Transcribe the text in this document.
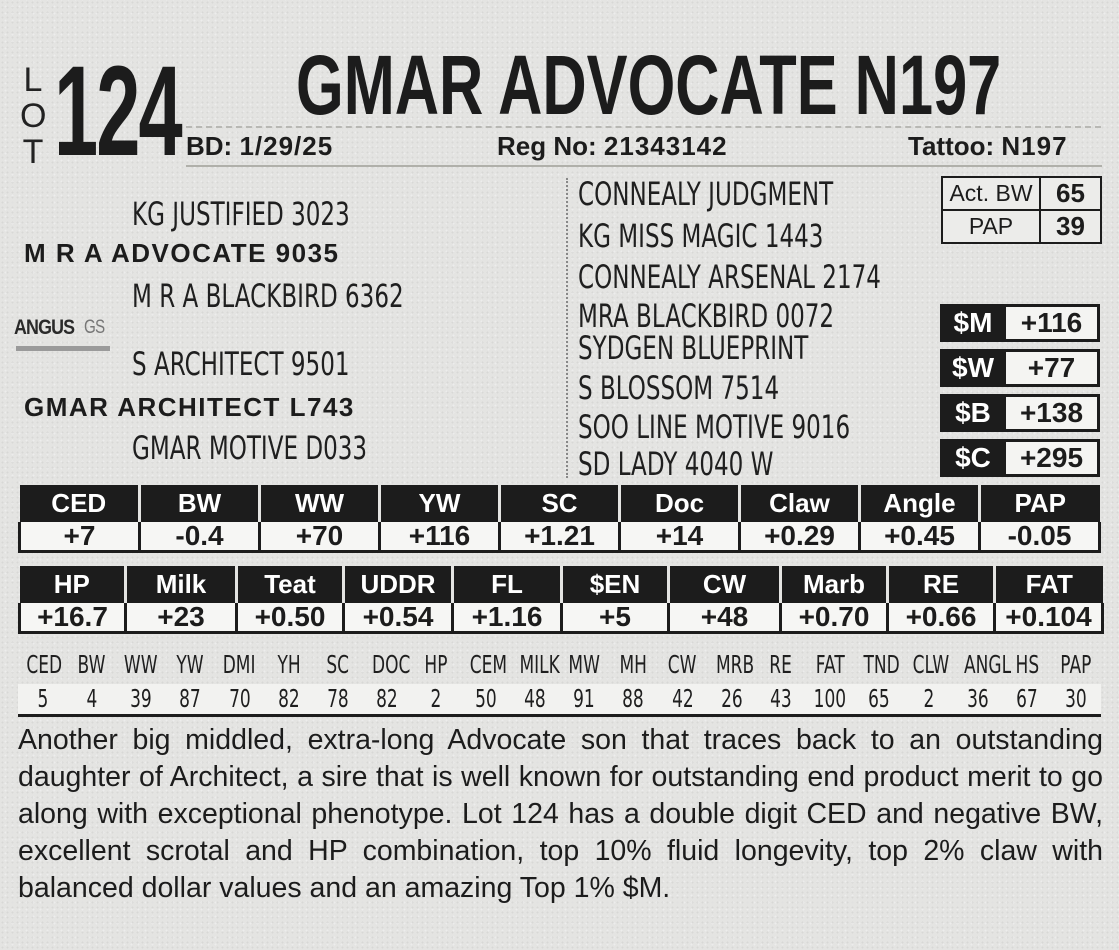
L
O
T 124 GMAR ADVOCATE N197
BD: 1/29/25	Reg No: 21343142	Tattoo: N197
KG JUSTIFIED 3023
M R A ADVOCATE 9035
M R A BLACKBIRD 6362
ANGUS GS
S ARCHITECT 9501
GMAR ARCHITECT L743
GMAR MOTIVE D033
CONNEALY JUDGMENT
KG MISS MAGIC 1443
CONNEALY ARSENAL 2174
MRA BLACKBIRD 0072
SYDGEN BLUEPRINT
S BLOSSOM 7514
SOO LINE MOTIVE 9016
SD LADY 4040 W
Act. BW	65
PAP	39
$M	+116
$W	+77
$B	+138
$C	+295
CED	BW	WW	YW	SC	Doc	Claw	Angle	PAP
+7	-0.4	+70	+116	+1.21	+14	+0.29	+0.45	-0.05
HP	Milk	Teat	UDDR	FL	$EN	CW	Marb	RE	FAT
+16.7	+23	+0.50	+0.54	+1.16	+5	+48	+0.70	+0.66	+0.104
CED	BW	WW	YW	DMI	YH	SC	DOC	HP	CEM	MILK	MW	MH	CW	MRB	RE	FAT	TND	CLW	ANGL	HS	PAP
5	4	39	87	70	82	78	82	2	50	48	91	88	42	26	43	100	65	2	36	67	30
Another big middled, extra-long Advocate son that traces back to an outstanding daughter of Architect, a sire that is well known for outstanding end product merit to go along with exceptional phenotype. Lot 124 has a double digit CED and negative BW, excellent scrotal and HP combination, top 10% fluid longevity, top 2% claw with balanced dollar values and an amazing Top 1% $M.
